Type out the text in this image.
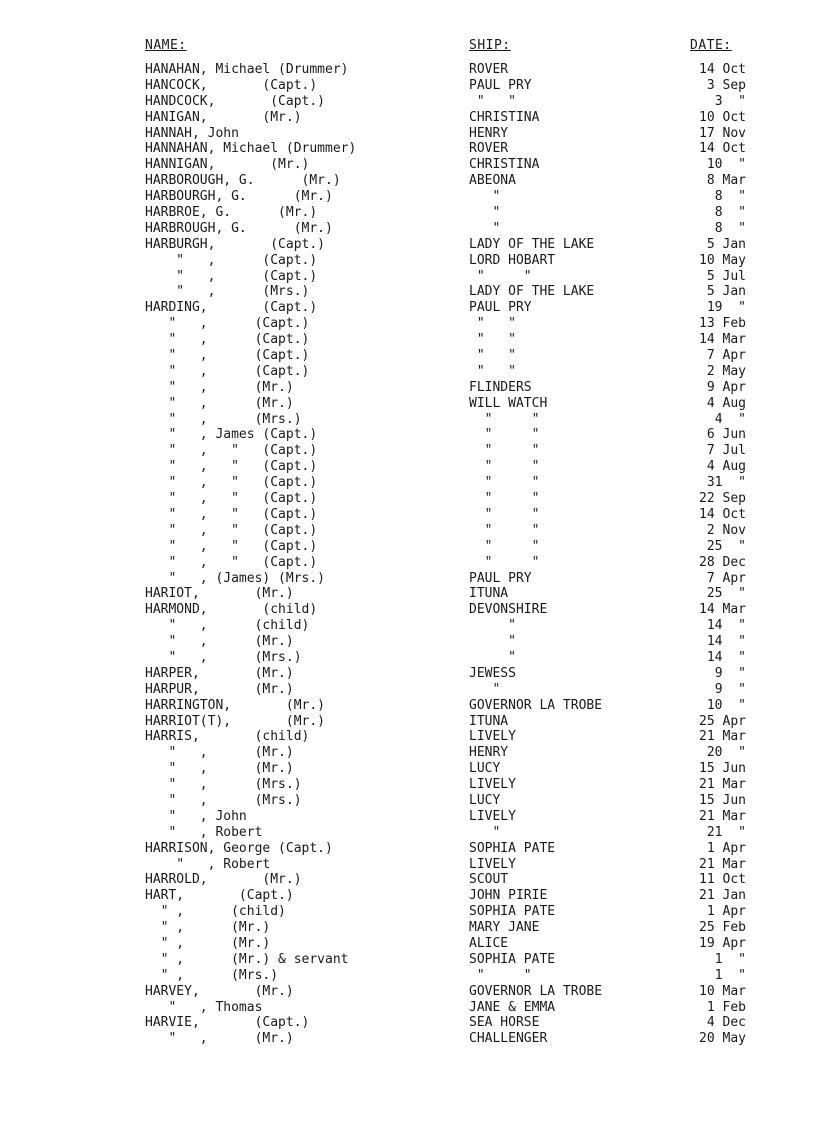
NAME:	SHIP:	DATE:
HANAHAN, Michael (Drummer)	ROVER	14 Oct
HANCOCK,       (Capt.)	PAUL PRY	3 Sep
HANDCOCK,       (Capt.)	"   "	3  "
HANIGAN,       (Mr.)	CHRISTINA	10 Oct
HANNAH, John	HENRY	17 Nov
HANNAHAN, Michael (Drummer)	ROVER	14 Oct
HANNIGAN,       (Mr.)	CHRISTINA	10  "
HARBOROUGH, G.      (Mr.)	ABEONA	8 Mar
HARBOURGH, G.      (Mr.)	"	8  "
HARBROE, G.      (Mr.)	"	8  "
HARBROUGH, G.      (Mr.)	"	8  "
HARBURGH,       (Capt.)	LADY OF THE LAKE	5 Jan
"   ,      (Capt.)	LORD HOBART	10 May
"   ,      (Capt.)	"     "	5 Jul
"   ,      (Mrs.)	LADY OF THE LAKE	5 Jan
HARDING,       (Capt.)	PAUL PRY	19  "
"   ,      (Capt.)	"   "	13 Feb
"   ,      (Capt.)	"   "	14 Mar
"   ,      (Capt.)	"   "	7 Apr
"   ,      (Capt.)	"   "	2 May
"   ,      (Mr.)	FLINDERS	9 Apr
"   ,      (Mr.)	WILL WATCH	4 Aug
"   ,      (Mrs.)	"     "	4  "
"   , James (Capt.)	"     "	6 Jun
"   ,   "   (Capt.)	"     "	7 Jul
"   ,   "   (Capt.)	"     "	4 Aug
"   ,   "   (Capt.)	"     "	31  "
"   ,   "   (Capt.)	"     "	22 Sep
"   ,   "   (Capt.)	"     "	14 Oct
"   ,   "   (Capt.)	"     "	2 Nov
"   ,   "   (Capt.)	"     "	25  "
"   ,   "   (Capt.)	"     "	28 Dec
"   , (James) (Mrs.)	PAUL PRY	7 Apr
HARIOT,       (Mr.)	ITUNA	25  "
HARMOND,       (child)	DEVONSHIRE	14 Mar
"   ,      (child)	"	14  "
"   ,      (Mr.)	"	14  "
"   ,      (Mrs.)	"	14  "
HARPER,       (Mr.)	JEWESS	9  "
HARPUR,       (Mr.)	"	9  "
HARRINGTON,       (Mr.)	GOVERNOR LA TROBE	10  "
HARRIOT(T),       (Mr.)	ITUNA	25 Apr
HARRIS,       (child)	LIVELY	21 Mar
"   ,      (Mr.)	HENRY	20  "
"   ,      (Mr.)	LUCY	15 Jun
"   ,      (Mrs.)	LIVELY	21 Mar
"   ,      (Mrs.)	LUCY	15 Jun
"   , John	LIVELY	21 Mar
"   , Robert	"	21  "
HARRISON, George (Capt.)	SOPHIA PATE	1 Apr
"   , Robert	LIVELY	21 Mar
HARROLD,       (Mr.)	SCOUT	11 Oct
HART,       (Capt.)	JOHN PIRIE	21 Jan
" ,      (child)	SOPHIA PATE	1 Apr
" ,      (Mr.)	MARY JANE	25 Feb
" ,      (Mr.)	ALICE	19 Apr
" ,      (Mr.) & servant	SOPHIA PATE	1  "
" ,      (Mrs.)	"     "	1  "
HARVEY,       (Mr.)	GOVERNOR LA TROBE	10 Mar
"   , Thomas	JANE & EMMA	1 Feb
HARVIE,       (Capt.)	SEA HORSE	4 Dec
"   ,      (Mr.)	CHALLENGER	20 May
